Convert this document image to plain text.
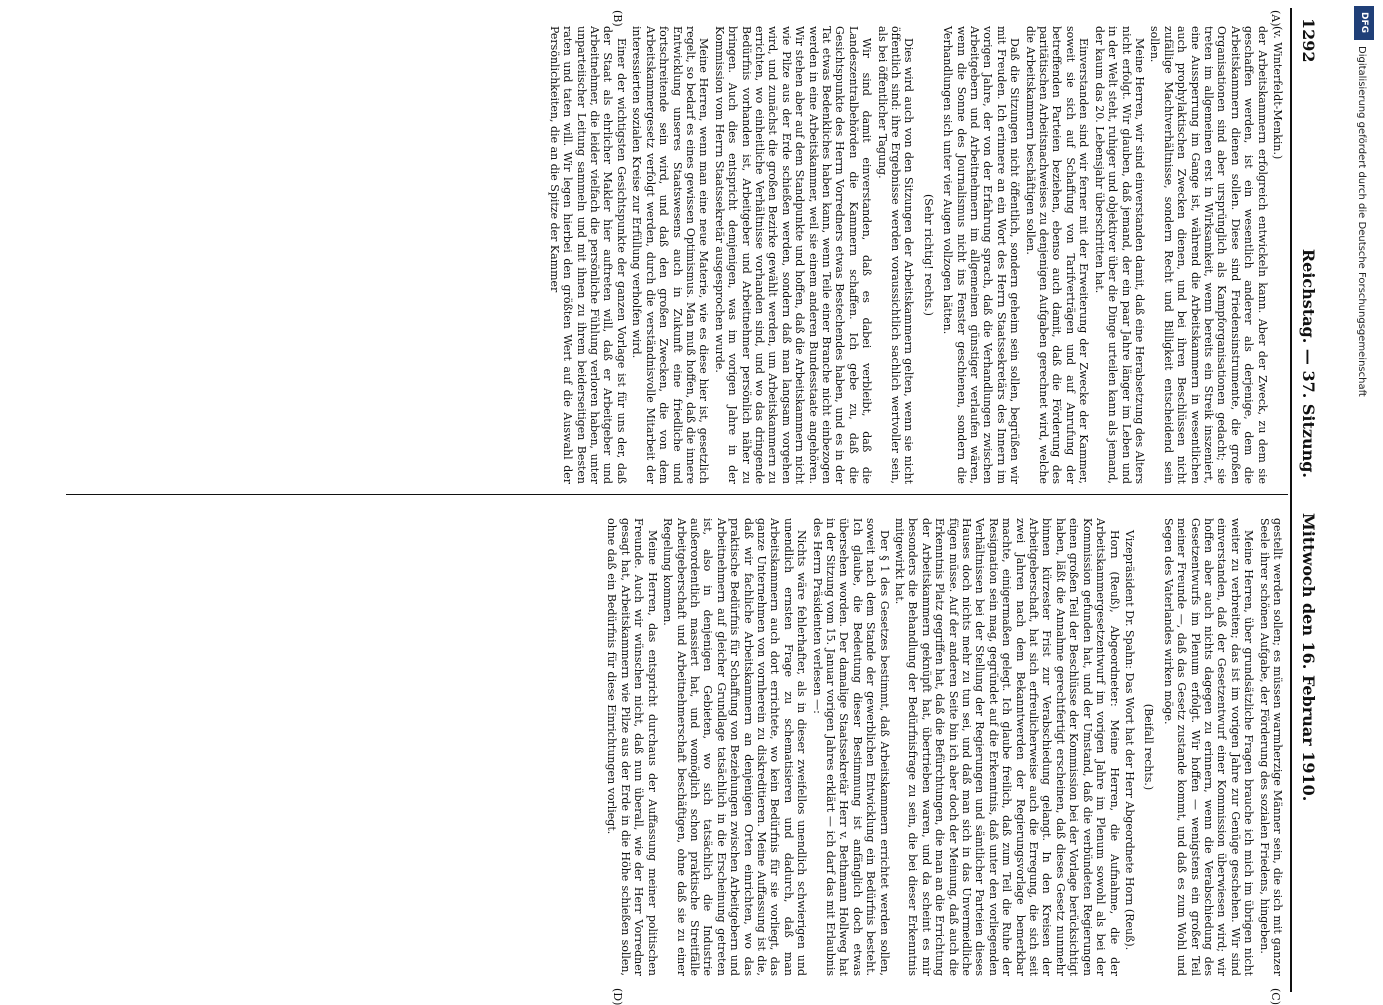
1292
Reichstag. — 37. Sitzung.
Mittwoch den 16. Februar 1910.
(A)
(B)

(v. Winterfeldt-Menkin.)

der Arbeitskammern erfolgreich entwickeln kann. Aber der Zweck, zu dem sie geschaffen werden, ist ein wesentlich anderer als derjenige, dem die Arbeitskammern dienen sollen. Diese sind Friedensinstrumente, die großen Organisationen sind aber ursprünglich als Kampforganisationen gedacht; sie treten im allgemeinen erst in Wirksamkeit, wenn bereits ein Streik inszeniert, eine Aussperrung im Gange ist, während die Arbeitskammern in wesentlichen auch prophylaktischen Zwecken dienen, und bei ihren Beschlüssen nicht zufällige Machtverhältnisse, sondern Recht und Billigkeit entscheidend sein sollen.

Meine Herren, wir sind einverstanden damit, daß eine Herabsetzung des Alters nicht erfolgt. Wir glauben, daß jemand, der ein paar Jahre länger im Leben und in der Welt steht, ruhiger und objektiver über die Dinge urteilen kann als jemand, der kaum das 20. Lebensjahr überschritten hat.

Einverstanden sind wir ferner mit der Erweiterung der Zwecke der Kammer, soweit sie sich auf Schaffung von Tarifverträgen und auf Anrufung der betreffenden Parteien beziehen, ebenso auch damit, daß die Förderung des paritätischen Arbeitsnachweises zu denjenigen Aufgaben gerechnet wird, welche die Arbeitskammern beschäftigen sollen.

Daß die Sitzungen nicht öffentlich, sondern geheim sein sollen, begrüßen wir mit Freuden. Ich erinnere an ein Wort des Herrn Staatssekretärs des Innern im vorigen Jahre, der von der Erfahrung sprach, daß die Verhandlungen zwischen Arbeitgebern und Arbeitnehmern im allgemeinen günstiger verlaufen wären, wenn die Sonne des Journalismus nicht ins Fenster geschienen, sondern die Verhandlungen sich unter vier Augen vollzogen hätten.

(Sehr richtig! rechts.)

Dies wird auch von den Sitzungen der Arbeitskammern gelten, wenn sie nicht öffentlich sind: ihre Ergebnisse werden voraussichtlich sachlich wertvoller sein, als bei öffentlicher Tagung.

Wir sind damit einverstanden, daß es dabei verbleibt, daß die Landeszentralbehörden die Kammern schaffen. Ich gebe zu, daß die Gesichtspunkte des Herrn Vorredners etwas Bestechendes haben, und es in der Tat etwas Bedenkliches haben kann, wenn Teile einer Branche nicht einbezogen werden in eine Arbeitskammer, weil sie einem anderen Bundesstaate angehören. Wir stehen aber auf dem Standpunkte und hoffen, daß die Arbeitskammern nicht wie Pilze aus der Erde schießen werden, sondern daß man langsam vorgehen wird, und zunächst die großen Bezirke gewählt werden, um Arbeitskammern zu errichten, wo einheitliche Verhältnisse vorhanden sind, und wo das dringende Bedürfnis vorhanden ist, Arbeitgeber und Arbeitnehmer persönlich näher zu bringen. Auch dies entspricht demjenigen, was im vorigen Jahre in der Kommission vom Herrn Staatssekretär ausgesprochen wurde.

Meine Herren, wenn man eine neue Materie, wie es diese hier ist, gesetzlich regelt, so bedarf es eines gewissen Optimismus. Man muß hoffen, daß die innere Entwicklung unseres Staatswesens auch in Zukunft eine friedliche und fortschreitende sein wird, und daß den großen Zwecken, die von dem Arbeitskammergesetz verfolgt werden, durch die verständnisvolle Mitarbeit der interessierten sozialen Kreise zur Erfüllung verholfen wird.

Einer der wichtigsten Gesichtspunkte der ganzen Vorlage ist für uns der, daß der Staat als ehrlicher Makler hier auftreten will, daß er Arbeitgeber und Arbeitnehmer, die leider vielfach die persönliche Fühlung verloren haben, unter unparteiischer Leitung sammeln und mit ihnen zu ihrem beiderseitigen Besten raten und taten will. Wir legen hierbei den größten Wert auf die Auswahl der Persönlichkeiten, die an die Spitze der Kammer

(C)
(D)

gestellt werden sollen; es müssen warmherzige Männer sein, die sich mit ganzer Seele ihrer schönen Aufgabe, der Förderung des sozialen Friedens, hingeben.

Meine Herren, über grundsätzliche Fragen brauche ich mich im übrigen nicht weiter zu verbreiten; das ist im vorigen Jahre zur Genüge geschehen. Wir sind einverstanden, daß der Gesetzentwurf einer Kommission überwiesen wird; wir hoffen aber auch nichts dagegen zu erinnern, wenn die Verabschiedung des Gesetzentwurfs im Plenum erfolgt. Wir hoffen — wenigstens ein großer Teil meiner Freunde —, daß das Gesetz zustande kommt, und daß es zum Wohl und Segen des Vaterlandes wirken möge.

(Beifall rechts.)

Vizepräsident Dr. Spahn: Das Wort hat der Herr Abgeordnete Horn (Reuß).

Horn (Reuß), Abgeordneter: Meine Herren, die Aufnahme, die der Arbeitskammergesetzentwurf im vorigen Jahre im Plenum sowohl als bei der Kommission gefunden hat, und der Umstand, daß die verbündeten Regierungen einen großen Teil der Beschlüsse der Kommission bei der Vorlage berücksichtigt haben, läßt die Annahme gerechtfertigt erscheinen, daß dieses Gesetz nunmehr binnen kürzester Frist zur Verabschiedung gelangt. In den Kreisen der Arbeitgeberschaft, hat sich erfreulicherweise auch die Erregung, die sich seit zwei Jahren nach dem Bekanntwerden der Regierungsvorlage bemerkbar machte, einigermaßen gelegt. Ich glaube freilich, daß zum Teil die Ruhe der Resignation sein mag, gegründet auf die Erkenntnis, daß unter den vorliegenden Verhältnissen bei der Stellung der Regierungen und sämtlicher Parteien dieses Hauses doch nichts mehr zu tun sei, und daß man sich in das Unvermeidliche fügen müsse. Auf der anderen Seite bin ich aber doch der Meinung, daß auch die Erkenntnis Platz gegriffen hat, daß die Befürchtungen, die man an die Errichtung der Arbeitskammern geknüpft hat, übertrieben waren, und da scheint es mir besonders die Behandlung der Bedürfnisfrage zu sein, die bei dieser Erkenntnis mitgewirkt hat.

Der § 1 des Gesetzes bestimmt, daß Arbeitskammern errichtet werden sollen, soweit nach dem Stande der gewerblichen Entwicklung ein Bedürfnis besteht. Ich glaube, die Bedeutung dieser Bestimmung ist anfänglich doch etwas übersehen worden. Der damalige Staatssekretär Herr v. Bethmann Hollweg hat in der Sitzung vom 15. Januar vorigen Jahres erklärt — ich darf das mit Erlaubnis des Herrn Präsidenten verlesen —:

Nichts wäre fehlerhafter, als in dieser zweifellos unendlich schwierigen und unendlich ernsten Frage zu schematisieren und dadurch, daß man Arbeitskammern auch dort errichtete, wo kein Bedürfnis für sie vorliegt, das ganze Unternehmen von vornherein zu diskreditieren. Meine Auffassung ist die, daß wir fachliche Arbeitskammern an denjenigen Orten einrichten, wo das praktische Bedürfnis für Schaffung von Beziehungen zwischen Arbeitgebern und Arbeitnehmern auf gleicher Grundlage tatsächlich in die Erscheinung getreten ist, also in denjenigen Gebieten, wo sich tatsächlich die Industrie außerordentlich massiert hat, und womöglich schon praktische Streitfälle Arbeitgeberschaft und Arbeitnehmerschaft beschäftigen, ohne daß sie zu einer Regelung kommen.

Meine Herren, das entspricht durchaus der Auffassung meiner politischen Freunde. Auch wir wünschen nicht, daß nun überall, wie der Herr Vorredner gesagt hat, Arbeitskammern wie Pilze aus der Erde in die Höhe schießen sollen, ohne daß ein Bedürfnis für diese Einrichtungen vorliegt.

DFG
Digitalisierung gefördert durch die Deutsche Forschungsgemeinschaft
